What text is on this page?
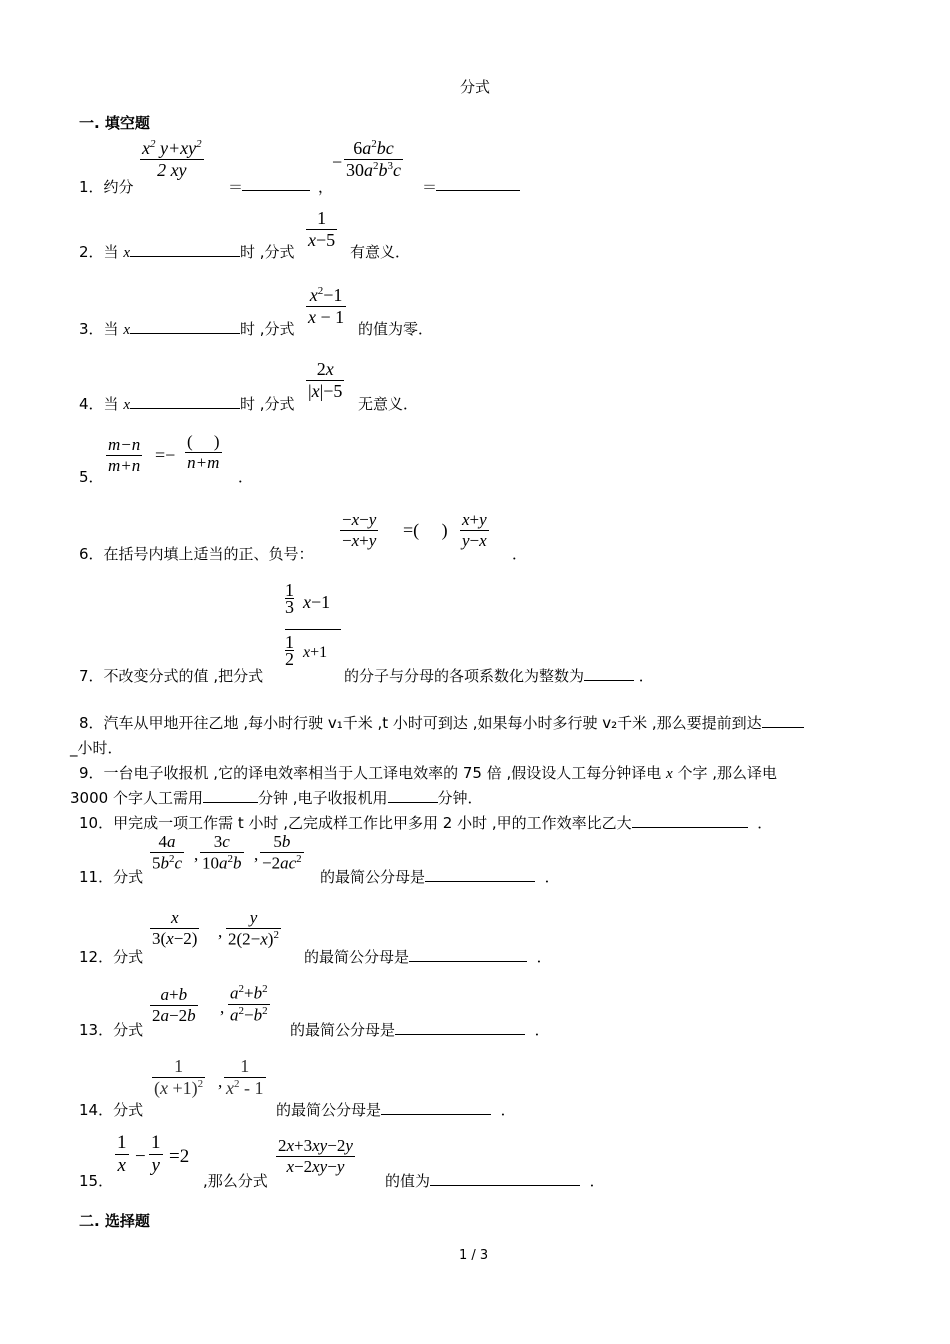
分式
一. 填空题
1．约分
$\frac{x^2 y+xy^2}{2 xy}$
＝	，
− $\frac{6a^2bc}{30a^2b^3c}$
＝
2．当 x	时 ,分式
$\frac{1}{x-5}$
有意义．
3．当 x	时 ,分式
$\frac{x^2-1}{x - 1}$
的值为零．
4．当 x	时 ,分式
$\frac{2x}{|x|-5}$
无意义．
5．
$\frac{m-n}{m+n}$ =−
(     )
n+m
．
6．在括号内填上适当的正、负号：
$\frac{-x-y}{-x+y}$ =(     ) $\frac{x+y}{y-x}$
．
7．不改变分式的值 ,把分式
1
3 x−1
1
2 x+1
的分子与分母的各项系数化为整数为	．
8．汽车从甲地开往乙地 ,每小时行驶 v₁千米 ,t 小时可到达 ,如果每小时多行驶 v₂千米 ,那么要提前到达
_小时．
9．一台电子收报机 ,它的译电效率相当于人工译电效率的 75 倍 ,假设设人工每分钟译电 x 个字 ,那么译电
3000 个字人工需用	分钟 ,电子收报机用	分钟．
10．甲完成一项工作需 t 小时 ,乙完成样工作比甲多用 2 小时 ,甲的工作效率比乙大	．
11．分式
$\frac{4a}{5b^2c}$ , $\frac{3c}{10a^2b}$ , $\frac{5b}{-2ac^2}$
的最简公分母是	．
12．分式
$\frac{x}{3(x-2)}$ , $\frac{y}{2(2-x)^2}$
的最简公分母是	．
13．分式
$\frac{a+b}{2a-2b}$ , $\frac{a^2+b^2}{a^2-b^2}$
的最简公分母是	．
14．分式
$\frac{1}{(x +1)^2}$ , $\frac{1}{x^2 - 1}$
的最简公分母是	．
15．
$\frac{1}{x} - \frac{1}{y} =2$
,那么分式
$\frac{2x+3xy-2y}{x-2xy-y}$
的值为	．
二. 选择题
1 / 3
